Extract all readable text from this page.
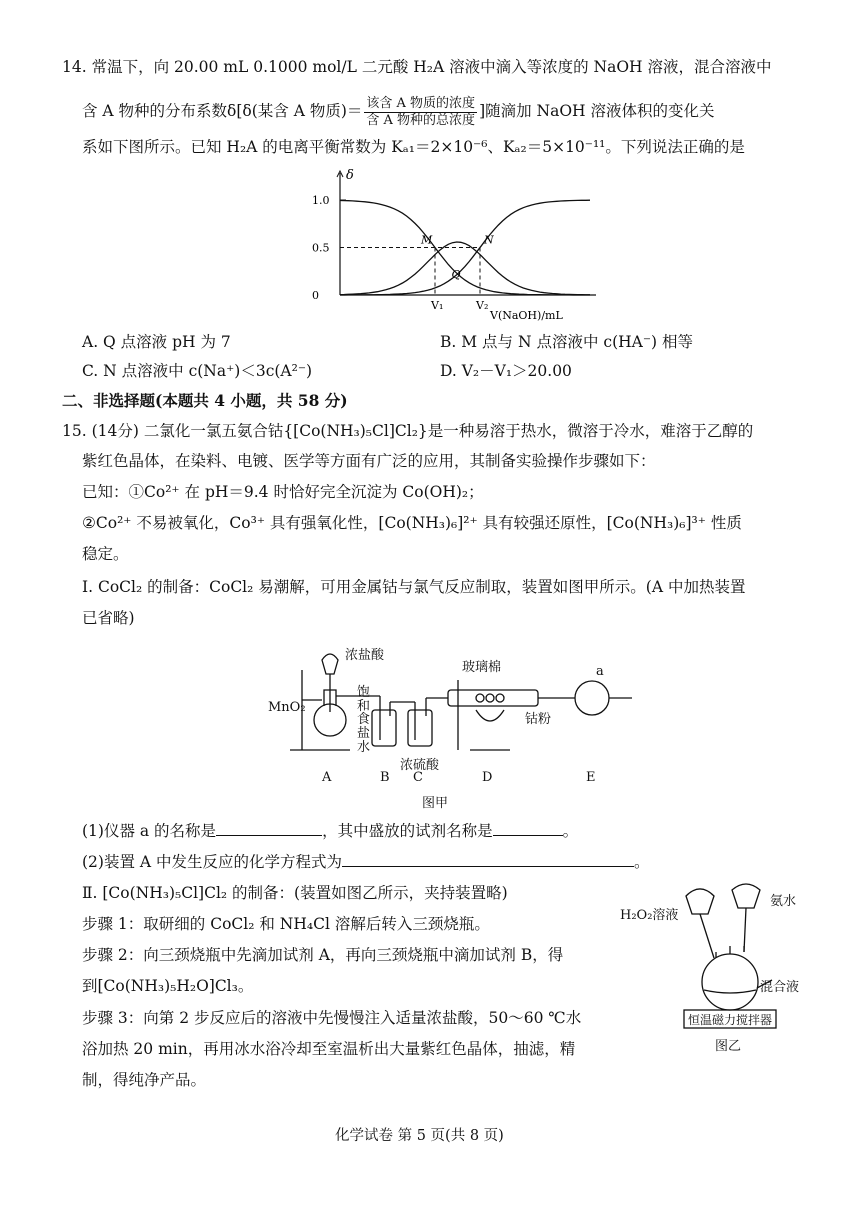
14. 常温下，向 20.00 mL 0.1000 mol/L 二元酸 H₂A 溶液中滴入等浓度的 NaOH 溶液，混合溶液中
含 A 物种的分布系数δ[δ(某含 A 物质)＝ $\frac{\text{该含 A 物质的浓度}}{\text{含 A 物种的总浓度}}$ ]随滴加 NaOH 溶液体积的变化关
系如下图所示。已知 H₂A 的电离平衡常数为 Kₐ₁＝2×10⁻⁶、Kₐ₂＝5×10⁻¹¹。下列说法正确的是
δ
V(NaOH)/mL
1.0
0.5
0
V₁	V₂
M
Q
N
A. Q 点溶液 pH 为 7	B. M 点与 N 点溶液中 c(HA⁻) 相等
C. N 点溶液中 c(Na⁺)＜3c(A²⁻)	D. V₂－V₁＞20.00
二、非选择题(本题共 4 小题，共 58 分)
15. (14分) 二氯化一氯五氨合钴{[Co(NH₃)₅Cl]Cl₂}是一种易溶于热水，微溶于冷水，难溶于乙醇的
紫红色晶体，在染料、电镀、医学等方面有广泛的应用，其制备实验操作步骤如下：
已知：①Co²⁺ 在 pH＝9.4 时恰好完全沉淀为 Co(OH)₂；
②Co²⁺ 不易被氧化，Co³⁺ 具有强氧化性，[Co(NH₃)₆]²⁺ 具有较强还原性，[Co(NH₃)₆]³⁺ 性质
稳定。
Ⅰ. CoCl₂ 的制备：CoCl₂ 易潮解，可用金属钴与氯气反应制取，装置如图甲所示。(A 中加热装置
已省略)
浓盐酸
MnO₂
饱和食盐水
玻璃棉
钴粉
浓硫酸
a
A	B C	D	E
图甲
(1)仪器 a 的名称是	，其中盛放的试剂名称是	。
(2)装置 A 中发生反应的化学方程式为	。
Ⅱ. [Co(NH₃)₅Cl]Cl₂ 的制备：(装置如图乙所示，夹持装置略)
步骤 1：取研细的 CoCl₂ 和 NH₄Cl 溶解后转入三颈烧瓶。
步骤 2：向三颈烧瓶中先滴加试剂 A，再向三颈烧瓶中滴加试剂 B，得
到[Co(NH₃)₅H₂O]Cl₃。
步骤 3：向第 2 步反应后的溶液中先慢慢注入适量浓盐酸，50～60 ℃水
浴加热 20 min，再用冰水浴冷却至室温析出大量紫红色晶体，抽滤，精
制，得纯净产品。
H₂O₂溶液
氨水
混合液
恒温磁力搅拌器
图乙
化学试卷 第 5 页(共 8 页)
